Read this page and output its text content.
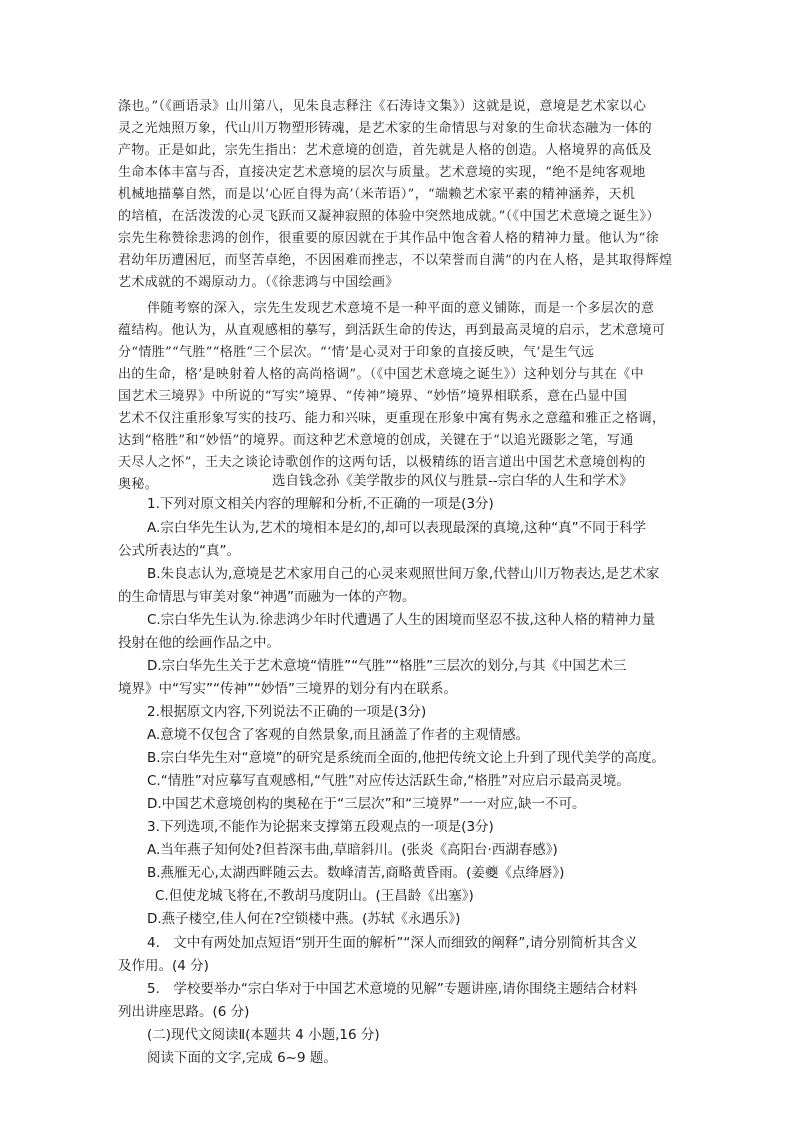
涤也。”（《画语录》山川第八，见朱良志释注《石涛诗文集》）这就是说，意境是艺术家以心
灵之光烛照万象，代山川万物塑形铸魂，是艺术家的生命情思与对象的生命状态融为一体的
产物。正是如此，宗先生指出：艺术意境的创造，首先就是人格的创造。人格境界的高低及
生命本体丰富与否，直接决定艺术意境的层次与质量。艺术意境的实现，“绝不是纯客观地
机械地描摹自然，而是以‘心匠自得为高’（米芾语）”，“端赖艺术家平素的精神涵养，天机
的培植，在活泼泼的心灵飞跃而又凝神寂照的体验中突然地成就。”（《中国艺术意境之诞生》）
宗先生称赞徐悲鸿的创作，很重要的原因就在于其作品中饱含着人格的精神力量。他认为“徐
君幼年历遭困厄，而坚苦卓绝，不因困难而挫志，不以荣誉而自满”的内在人格，是其取得辉煌
艺术成就的不竭原动力。（《徐悲鸿与中国绘画》
伴随考察的深入，宗先生发现艺术意境不是一种平面的意义铺陈，而是一个多层次的意
蕴结构。他认为，从直观感相的摹写，到活跃生命的传达，再到最高灵境的启示，艺术意境可
分“情胜”“气胜”“格胜”三个层次。“‘情’是心灵对于印象的直接反映，气’是生气远
出的生命，格’是映射着人格的高尚格调”。（《中国艺术意境之诞生》）这种划分与其在《中
国艺术三境界》中所说的“写实”境界、“传神”境界、“妙悟”境界相联系，意在凸显中国
艺术不仅注重形象写实的技巧、能力和兴味，更重现在形象中寓有隽永之意蕴和雅正之格调，
达到“格胜”和“妙悟”的境界。而这种艺术意境的创成，关键在于“以追光蹑影之笔，写通
天尽人之怀”，王夫之谈论诗歌创作的这两句话，以极精练的语言道出中国艺术意境创构的
奥秘。	选自钱念孙《美学散步的风仪与胜景--宗白华的人生和学术》
1.下列对原文相关内容的理解和分析,不正确的一项是(3分)
A.宗白华先生认为,艺术的境相本是幻的,却可以表现最深的真境,这种“真”不同于科学
公式所表达的“真”。
B.朱良志认为,意境是艺术家用自己的心灵来观照世间万象,代替山川万物表达,是艺术家
的生命情思与审美对象“神遇”而融为一体的产物。
C.宗白华先生认为.徐悲鸿少年时代遭遇了人生的困境而坚忍不拔,这种人格的精神力量
投射在他的绘画作品之中。
D.宗白华先生关于艺术意境“情胜”“气胜”“格胜”三层次的划分,与其《中国艺术三
境界》中“写实”“传神”“妙悟”三境界的划分有内在联系。
2.根据原文内容,下列说法不正确的一项是(3分)
A.意境不仅包含了客观的自然景象,而且涵盖了作者的主观情感。
B.宗白华先生对“意境”的研究是系统而全面的,他把传统文论上升到了现代美学的高度。
C.“情胜”对应摹写直观感相,“气胜”对应传达活跃生命,“格胜”对应启示最高灵境。
D.中国艺术意境创构的奥秘在于“三层次”和“三境界”一一对应,缺一不可。
3.下列选项,不能作为论据来支撑第五段观点的一项是(3分)
A.当年燕子知何处?但苔深韦曲,草暗斜川。(张炎《高阳台·西湖春感》)
B.燕雁无心,太湖西畔随云去。数峰清苦,商略黄昏雨。(姜夔《点绛唇》)
C.但使龙城飞将在,不教胡马度阴山。(王昌龄《出塞》)
D.燕子楼空,佳人何在?空锁楼中燕。(苏轼《永遇乐》)
4.　文中有两处加点短语“别开生面的解析”“深人而细致的阐释”,请分别简析其含义
及作用。(4 分)
5.　学校要举办“宗白华对于中国艺术意境的见解”专题讲座,请你围绕主题结合材料
列出讲座思路。(6 分)
(二)现代文阅读Ⅱ(本题共 4 小题,16 分)
阅读下面的文字,完成 6~9 题。
